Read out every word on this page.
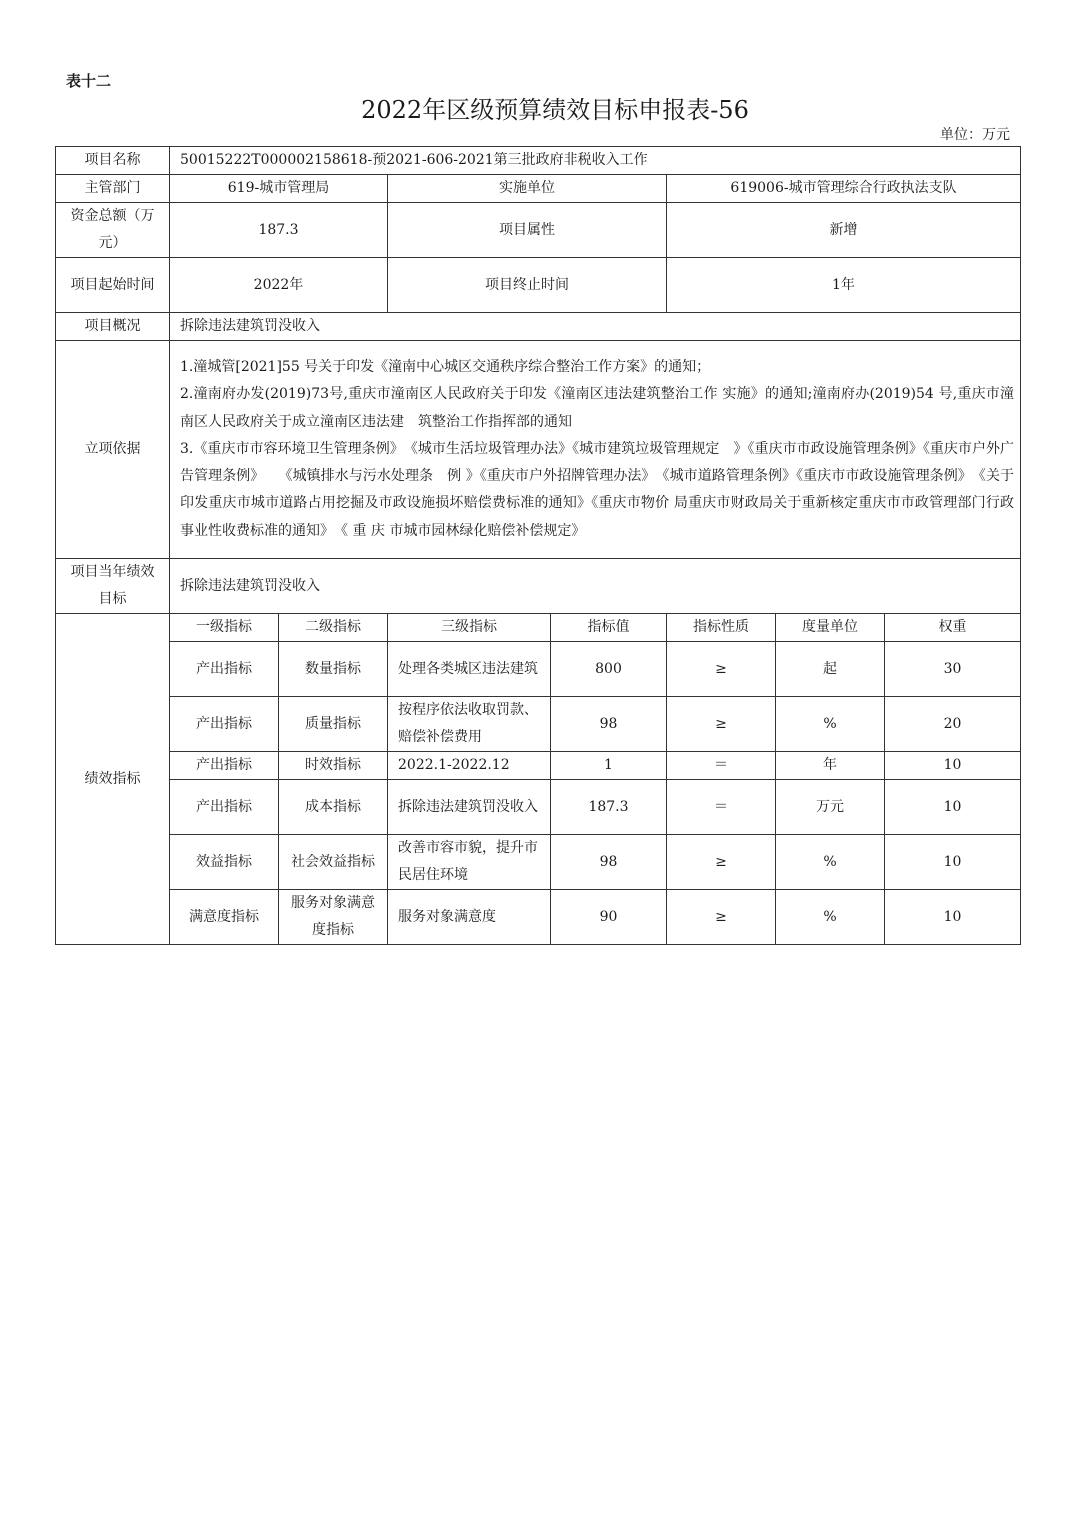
表十二
2022年区级预算绩效目标申报表-56
单位：万元
项目名称	50015222T000002158618-预2021-606-2021第三批政府非税收入工作						
主管部门	619-城市管理局		实施单位		619006-城市管理综合行政执法支队		
资金总额（万元）	187.3		项目属性		新增		
项目起始时间	2022年		项目终止时间		1年		
项目概况	拆除违法建筑罚没收入						
立项依据	1.潼城管[2021]55 号关于印发《潼南中心城区交通秩序综合整治工作方案》的通知；
2.潼南府办发(2019)73号,重庆市潼南区人民政府关于印发《潼南区违法建筑整治工作 实施》的通知;潼南府办(2019)54 号,重庆市潼南区人民政府关于成立潼南区违法建　筑整治工作指挥部的通知
3.《重庆市市容环境卫生管理条例》　《城市生活垃圾管理办法》《城市建筑垃圾管理规定　》《重庆市市政设施管理条例》《重庆市户外广告管理条例》　　《城镇排水与污水处理条　例 》《重庆市户外招牌管理办法》　《城市道路管理条例》《重庆市市政设施管理条例》　《关于印发重庆市城市道路占用挖掘及市政设施损坏赔偿费标准的通知》《重庆市物价 局重庆市财政局关于重新核定重庆市市政管理部门行政事业性收费标准的通知》　《 重 庆 市城市园林绿化赔偿补偿规定》						

项目当年绩效目标	拆除违法建筑罚没收入						
绩效指标	一级指标	二级指标	三级指标	指标值	指标性质	度量单位	权重
	产出指标	数量指标	处理各类城区违法建筑	800	≥	起	30
	产出指标	质量指标	按程序依法收取罚款、赔偿补偿费用	98	≥	%	20
	产出指标	时效指标	2022.1-2022.12	1	＝	年	10
	产出指标	成本指标	拆除违法建筑罚没收入	187.3	＝	万元	10
	效益指标	社会效益指标	改善市容市貌，提升市民居住环境	98	≥	%	10
	满意度指标	服务对象满意度指标	服务对象满意度	90	≥	%	10
